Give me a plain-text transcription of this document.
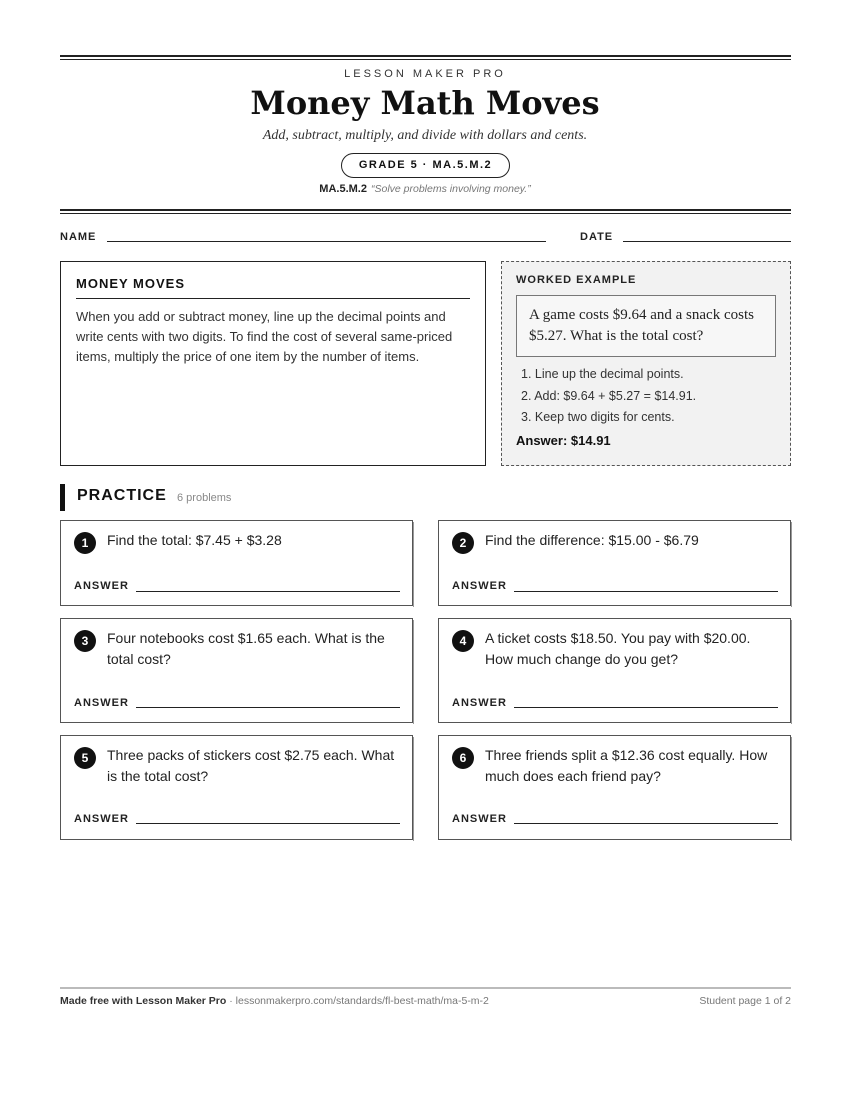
LESSON MAKER PRO
Money Math Moves
Add, subtract, multiply, and divide with dollars and cents.
GRADE 5 · MA.5.M.2
MA.5.M.2 “Solve problems involving money.”
NAME	DATE
MONEY MOVES

When you add or subtract money, line up the decimal points and write cents with two digits. To find the cost of several same-priced items, multiply the price of one item by the number of items.

WORKED EXAMPLE
A game costs $9.64 and a snack costs $5.27. What is the total cost?
1. Line up the decimal points.
2. Add: $9.64 + $5.27 = $14.91.
3. Keep two digits for cents.
Answer: $14.91
PRACTICE 6 problems
1	Find the total: $7.45 + $3.28
ANSWER
2	Find the difference: $15.00 - $6.79
ANSWER
3	Four notebooks cost $1.65 each. What is the total cost?
ANSWER
4	A ticket costs $18.50. You pay with $20.00. How much change do you get?
ANSWER
5	Three packs of stickers cost $2.75 each. What is the total cost?
ANSWER
6	Three friends split a $12.36 cost equally. How much does each friend pay?
ANSWER
Made free with Lesson Maker Pro · lessonmakerpro.com/standards/fl-best-math/ma-5-m-2	Student page 1 of 2
